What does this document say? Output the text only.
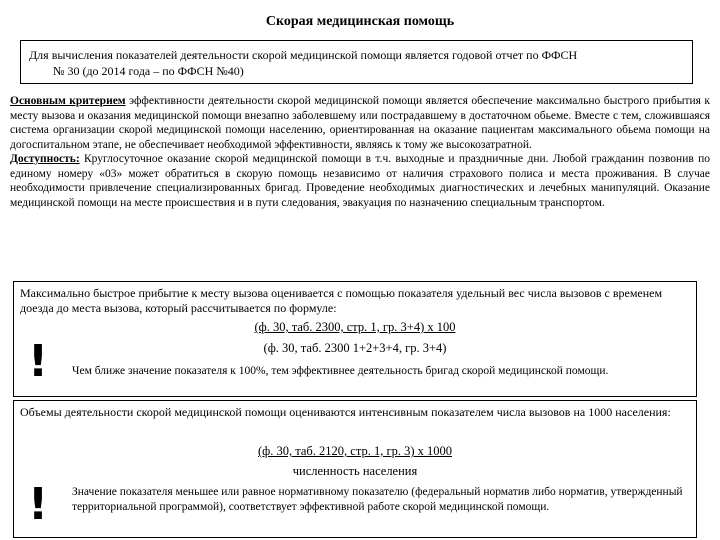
Скорая медицинская помощь
Для вычисления показателей деятельности скорой медицинской помощи является годовой отчет по ФФСН
№ 30 (до 2014 года – по ФФСН №40)

Основным критерием эффективности деятельности скорой медицинской помощи является обеспечение максимально быстрого прибытия к месту вызова и оказания медицинской помощи внезапно заболевшему или пострадавшему в достаточном обьеме. Вместе с тем, сложившаяся система организации скорой медицинской помощи населению, ориентированная на оказание пациентам максимального обьема помощи на догоспитальном этапе, не обеспечивает необходимой эффективности, являясь к тому же высокозатратной.

Доступность: Круглосуточное оказание скорой медицинской помощи в т.ч. выходные и праздничные дни. Любой гражданин позвонив по единому номеру «03» может обратиться в скорую помощь независимо от наличия страхового полиса и места проживания. В случае необходимости привлечение специализированных бригад. Проведение необходимых диагностических и лечебных манипуляций. Оказание медицинской помощи на месте происшествия и в пути следования, эвакуация по назначению специальным транспортом.

Максимально быстрое прибытие к месту вызова оценивается с помощью показателя удельный вес числа вызовов с временем доезда до места вызова, который рассчитывается по формуле:
(ф. 30, таб. 2300, стр. 1, гр. 3+4) х 100
(ф. 30, таб. 2300 1+2+3+4, гр. 3+4)
! Чем ближе значение показателя к 100%, тем эффективнее деятельность бригад скорой медицинской помощи.
Объемы деятельности скорой медицинской помощи оцениваются интенсивным показателем числа вызовов на 1000 населения:
(ф. 30, таб. 2120, стр. 1, гр. 3) х 1000
численность населения
! Значение показателя меньшее или равное нормативному показателю (федеральный норматив либо норматив, утвержденный территориальной программой), соответствует эффективной работе скорой медицинской помощи.
